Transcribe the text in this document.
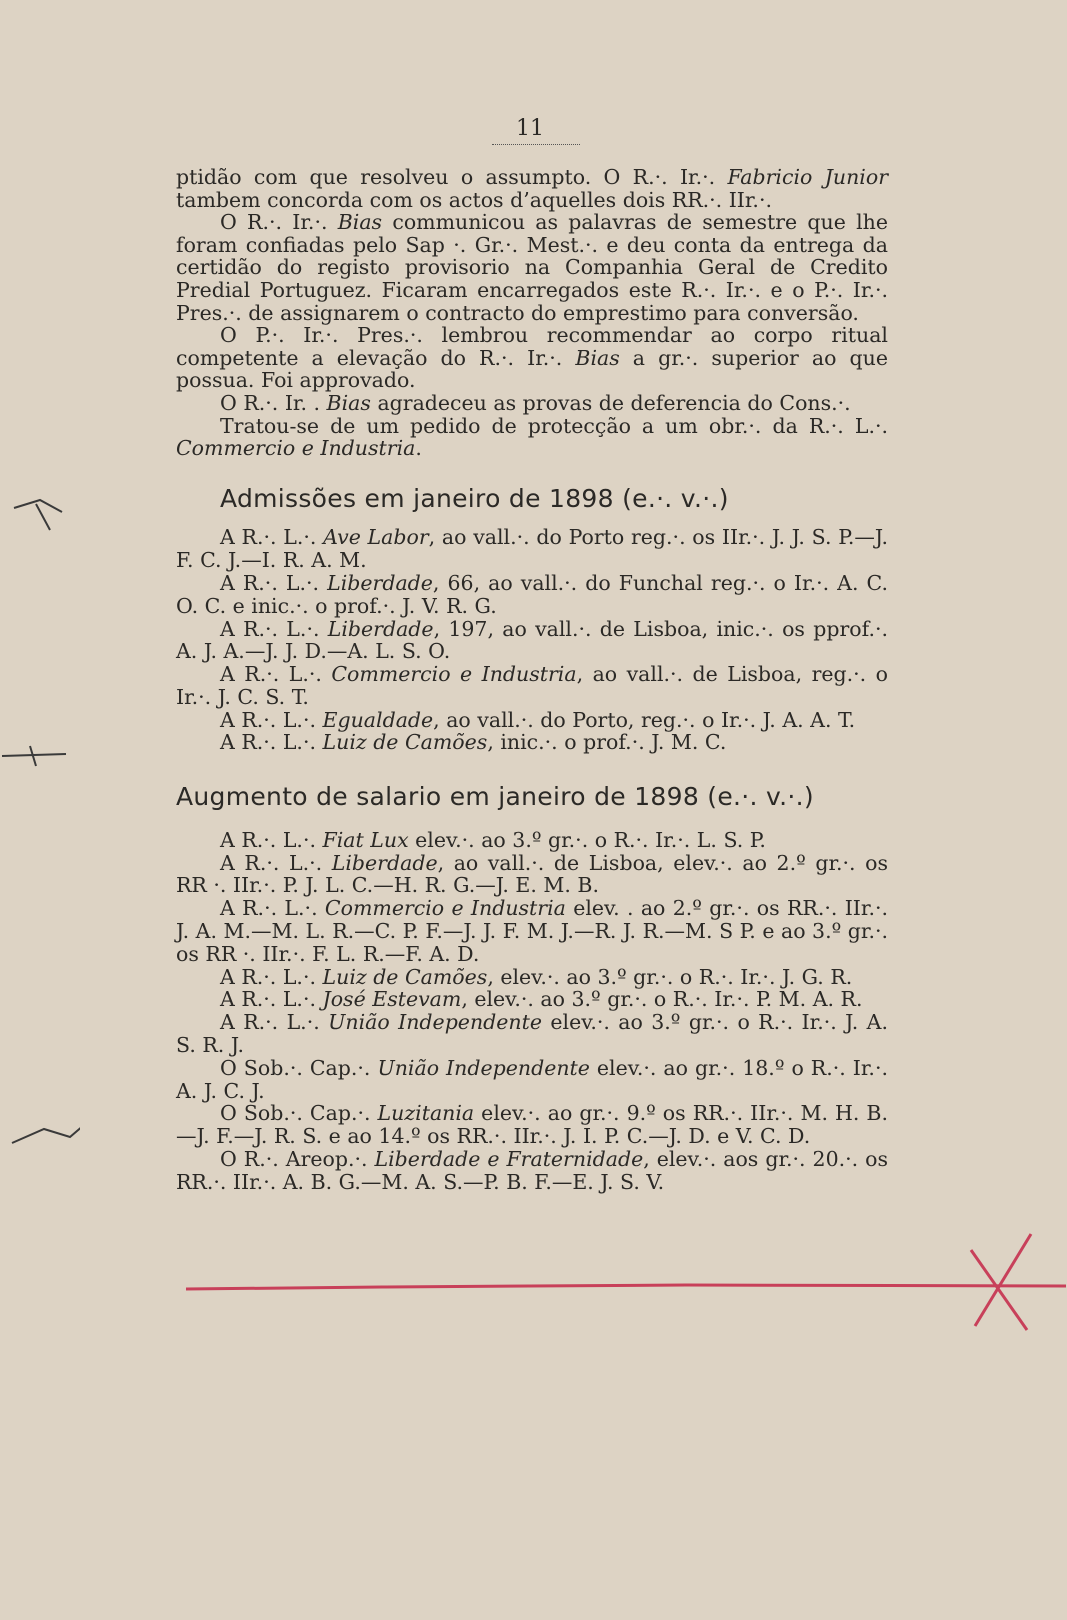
11

ptidão com que resolveu o assumpto. O R.·. Ir.·. Fabricio Junior tambem concorda com os actos d’aquelles dois RR.·. IIr.·.

O R.·. Ir.·. Bias communicou as palavras de semestre que lhe foram confiadas pelo Sap ·. Gr.·. Mest.·. e deu conta da entrega da certidão do registo provisorio na Companhia Geral de Credito Predial Portuguez. Ficaram encarregados este R.·. Ir.·. e o P.·. Ir.·. Pres.·. de assignarem o contracto do emprestimo para conversão.

O P.·. Ir.·. Pres.·. lembrou recommendar ao corpo ritual competente a elevação do R.·. Ir.·. Bias a gr.·. superior ao que possua. Foi approvado.

O R.·. Ir. . Bias agradeceu as provas de deferencia do Cons.·.

Tratou-se de um pedido de protecção a um obr.·. da R.·. L.·. Commercio e Industria.

Admissões em janeiro de 1898 (e.·. v.·.)

A R.·. L.·. Ave Labor, ao vall.·. do Porto reg.·. os IIr.·. J. J. S. P.—J. F. C. J.—I. R. A. M.

A R.·. L.·. Liberdade, 66, ao vall.·. do Funchal reg.·. o Ir.·. A. C. O. C. e inic.·. o prof.·. J. V. R. G.

A R.·. L.·. Liberdade, 197, ao vall.·. de Lisboa, inic.·. os pprof.·. A. J. A.—J. J. D.—A. L. S. O.

A R.·. L.·. Commercio e Industria, ao vall.·. de Lisboa, reg.·. o Ir.·. J. C. S. T.

A R.·. L.·. Egualdade, ao vall.·. do Porto, reg.·. o Ir.·. J. A. A. T.

A R.·. L.·. Luiz de Camões, inic.·. o prof.·. J. M. C.

Augmento de salario em janeiro de 1898 (e.·. v.·.)

A R.·. L.·. Fiat Lux elev.·. ao 3.º gr.·. o R.·. Ir.·. L. S. P.

A R.·. L.·. Liberdade, ao vall.·. de Lisboa, elev.·. ao 2.º gr.·. os RR ·. IIr.·. P. J. L. C.—H. R. G.—J. E. M. B.

A R.·. L.·. Commercio e Industria elev. . ao 2.º gr.·. os RR.·. IIr.·. J. A. M.—M. L. R.—C. P. F.—J. J. F. M. J.—R. J. R.—M. S P. e ao 3.º gr.·. os RR ·. IIr.·. F. L. R.—F. A. D.

A R.·. L.·. Luiz de Camões, elev.·. ao 3.º gr.·. o R.·. Ir.·. J. G. R.

A R.·. L.·. José Estevam, elev.·. ao 3.º gr.·. o R.·. Ir.·. P. M. A. R.

A R.·. L.·. União Independente elev.·. ao 3.º gr.·. o R.·. Ir.·. J. A. S. R. J.

O Sob.·. Cap.·. União Independente elev.·. ao gr.·. 18.º o R.·. Ir.·. A. J. C. J.

O Sob.·. Cap.·. Luzitania elev.·. ao gr.·. 9.º os RR.·. IIr.·. M. H. B.—J. F.—J. R. S. e ao 14.º os RR.·. IIr.·. J. I. P. C.—J. D. e V. C. D.

O R.·. Areop.·. Liberdade e Fraternidade, elev.·. aos gr.·. 20.·. os RR.·. IIr.·. A. B. G.—M. A. S.—P. B. F.—E. J. S. V.
